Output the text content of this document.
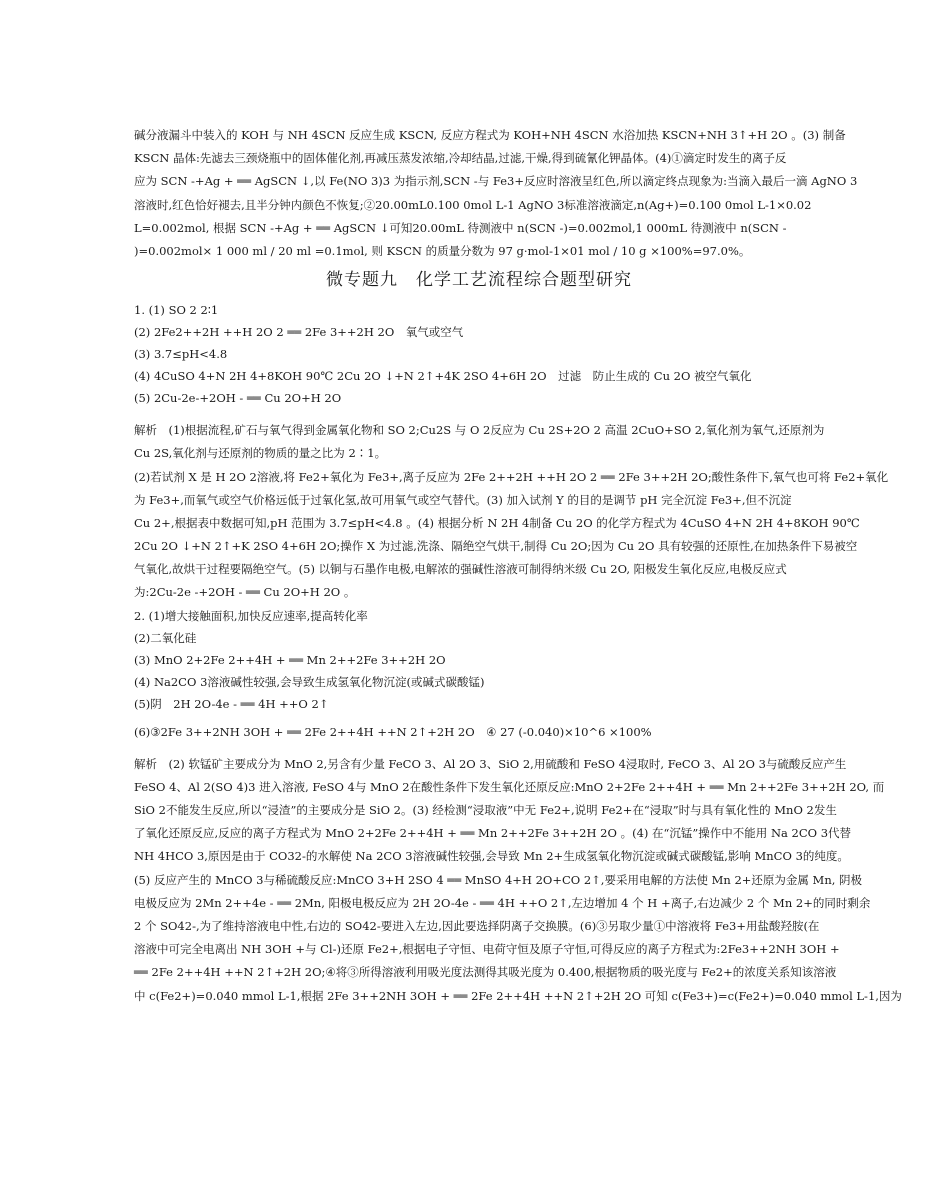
碱分液漏斗中装入的 KOH 与 NH 4SCN 反应生成 KSCN, 反应方程式为 KOH+NH 4SCN 水浴加热 KSCN+NH 3↑+H 2O 。(3) 制备
KSCN 晶体:先滤去三颈烧瓶中的固体催化剂,再减压蒸发浓缩,冷却结晶,过滤,干燥,得到硫氰化钾晶体。(4)①滴定时发生的离子反
应为 SCN -+Ag + ══ AgSCN ↓,以 Fe(NO 3)3 为指示剂,SCN -与 Fe3+反应时溶液呈红色,所以滴定终点现象为:当滴入最后一滴 AgNO 3
溶液时,红色恰好褪去,且半分钟内颜色不恢复;②20.00mL0.100 0mol L-1 AgNO 3标准溶液滴定,n(Ag+)=0.100 0mol L-1×0.02
L=0.002mol, 根据 SCN -+Ag + ══ AgSCN ↓可知20.00mL 待测液中 n(SCN -)=0.002mol,1 000mL 待测液中 n(SCN -
)=0.002mol× 1 000 ml / 20 ml =0.1mol, 则 KSCN 的质量分数为 97 g·mol-1×01 mol / 10 g ×100%=97.0%。
微专题九　化学工艺流程综合题型研究
1. (1) SO 2 2∶1
(2) 2Fe2++2H ++H 2O 2 ══ 2Fe 3++2H 2O　氧气或空气
(3) 3.7≤pH<4.8
(4) 4CuSO 4+N 2H 4+8KOH 90℃ 2Cu 2O ↓+N 2↑+4K 2SO 4+6H 2O　过滤　防止生成的 Cu 2O 被空气氧化
(5) 2Cu-2e-+2OH - ══ Cu 2O+H 2O
解析　(1)根据流程,矿石与氧气得到金属氧化物和 SO 2;Cu2S 与 O 2反应为 Cu 2S+2O 2 高温 2CuO+SO 2,氧化剂为氧气,还原剂为
Cu 2S,氧化剂与还原剂的物质的量之比为 2∶1。
(2)若试剂 X 是 H 2O 2溶液,将 Fe2+氧化为 Fe3+,离子反应为 2Fe 2++2H ++H 2O 2 ══ 2Fe 3++2H 2O;酸性条件下,氧气也可将 Fe2+氧化
为 Fe3+,而氧气或空气价格远低于过氧化氢,故可用氧气或空气替代。(3) 加入试剂 Y 的目的是调节 pH 完全沉淀 Fe3+,但不沉淀
Cu 2+,根据表中数据可知,pH 范围为 3.7≤pH<4.8 。(4) 根据分析 N 2H 4制备 Cu 2O 的化学方程式为 4CuSO 4+N 2H 4+8KOH 90℃
2Cu 2O ↓+N 2↑+K 2SO 4+6H 2O;操作 X 为过滤,洗涤、隔绝空气烘干,制得 Cu 2O;因为 Cu 2O 具有较强的还原性,在加热条件下易被空
气氧化,故烘干过程要隔绝空气。(5) 以铜与石墨作电极,电解浓的强碱性溶液可制得纳米级 Cu 2O, 阳极发生氧化反应,电极反应式
为:2Cu-2e -+2OH - ══ Cu 2O+H 2O 。
2. (1)增大接触面积,加快反应速率,提高转化率
(2)二氧化硅
(3) MnO 2+2Fe 2++4H + ══ Mn 2++2Fe 3++2H 2O
(4) Na2CO 3溶液碱性较强,会导致生成氢氧化物沉淀(或碱式碳酸锰)
(5)阴　2H 2O-4e - ══ 4H ++O 2↑
(6)③2Fe 3++2NH 3OH + ══ 2Fe 2++4H ++N 2↑+2H 2O　④ 27 (-0.040)×10^6 ×100%
解析　(2) 软锰矿主要成分为 MnO 2,另含有少量 FeCO 3、Al 2O 3、SiO 2,用硫酸和 FeSO 4浸取时, FeCO 3、Al 2O 3与硫酸反应产生
FeSO 4、Al 2(SO 4)3 进入溶液, FeSO 4与 MnO 2在酸性条件下发生氧化还原反应:MnO 2+2Fe 2++4H + ══ Mn 2++2Fe 3++2H 2O, 而
SiO 2不能发生反应,所以“浸渣”的主要成分是 SiO 2。(3) 经检测“浸取液”中无 Fe2+,说明 Fe2+在“浸取”时与具有氧化性的 MnO 2发生
了氧化还原反应,反应的离子方程式为 MnO 2+2Fe 2++4H + ══ Mn 2++2Fe 3++2H 2O 。(4) 在“沉锰”操作中不能用 Na 2CO 3代替
NH 4HCO 3,原因是由于 CO32-的水解使 Na 2CO 3溶液碱性较强,会导致 Mn 2+生成氢氧化物沉淀或碱式碳酸锰,影响 MnCO 3的纯度。
(5) 反应产生的 MnCO 3与稀硫酸反应:MnCO 3+H 2SO 4 ══ MnSO 4+H 2O+CO 2↑,要采用电解的方法使 Mn 2+还原为金属 Mn, 阴极
电极反应为 2Mn 2++4e - ══ 2Mn, 阳极电极反应为 2H 2O-4e - ══ 4H ++O 2↑,左边增加 4 个 H +离子,右边减少 2 个 Mn 2+的同时剩余
2 个 SO42-,为了维持溶液电中性,右边的 SO42-要进入左边,因此要选择阴离子交换膜。(6)③另取少量①中溶液将 Fe3+用盐酸羟胺(在
溶液中可完全电离出 NH 3OH +与 Cl-)还原 Fe2+,根据电子守恒、电荷守恒及原子守恒,可得反应的离子方程式为:2Fe3++2NH 3OH +
══ 2Fe 2++4H ++N 2↑+2H 2O;④将③所得溶液利用吸光度法测得其吸光度为 0.400,根据物质的吸光度与 Fe2+的浓度关系知该溶液
中 c(Fe2+)=0.040 mmol L-1,根据 2Fe 3++2NH 3OH + ══ 2Fe 2++4H ++N 2↑+2H 2O 可知 c(Fe3+)=c(Fe2+)=0.040 mmol L-1,因为
